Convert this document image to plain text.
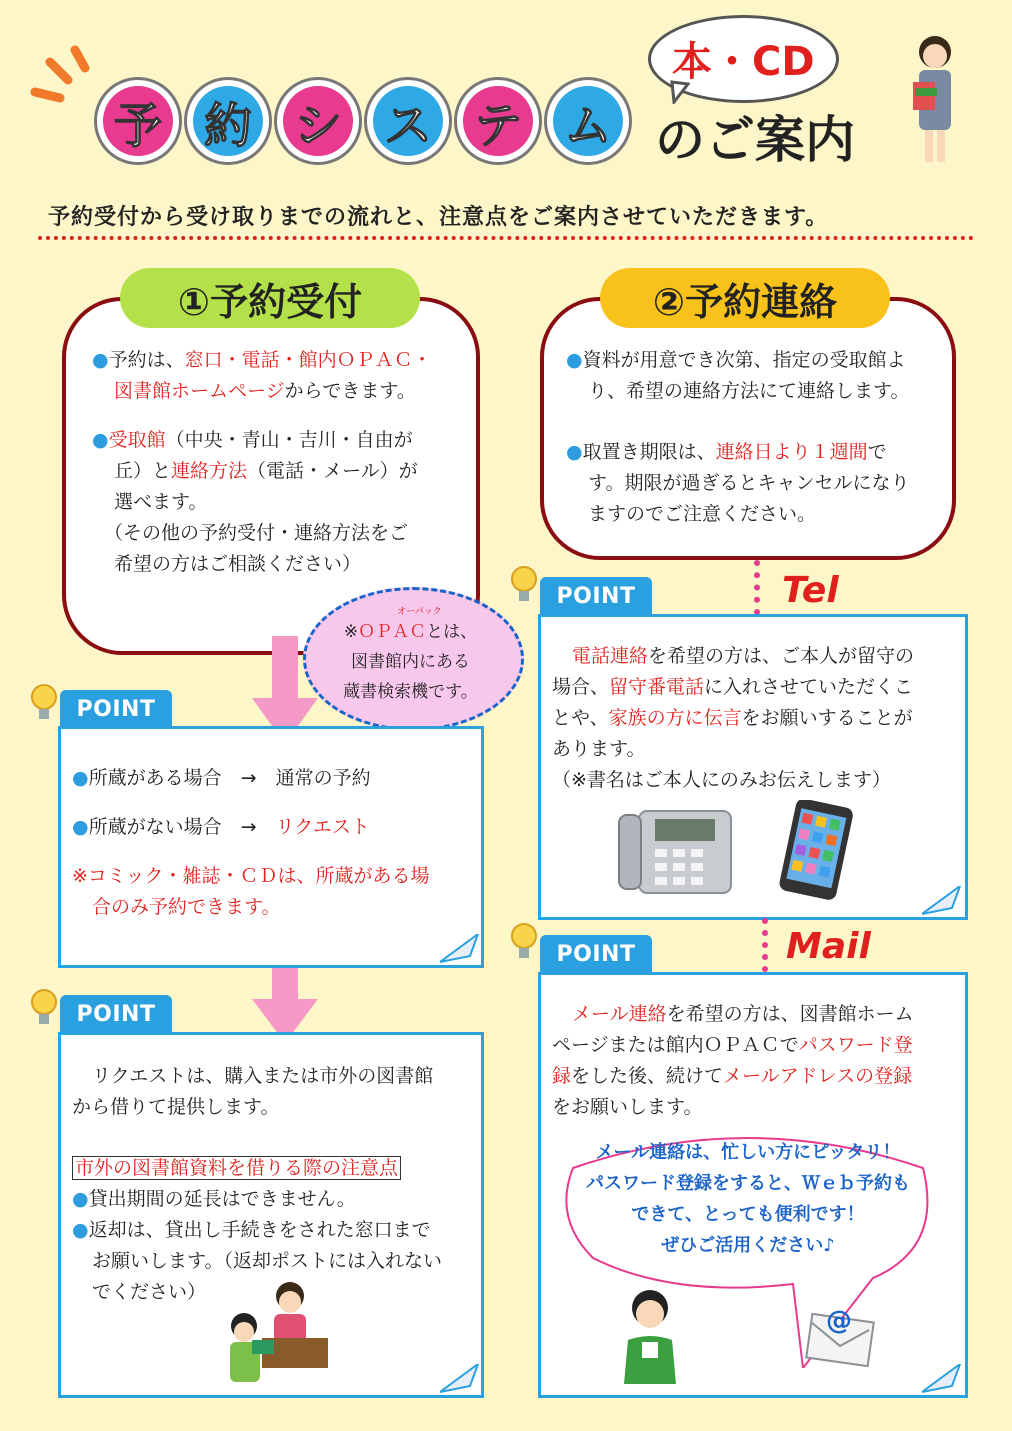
予 約 シ ス テ ム のご案内
本・CD
予約受付から受け取りまでの流れと、注意点をご案内させていただきます。
①予約受付
●予約は、窓口・電話・館内ＯＰＡＣ・
図書館ホームページからできます。
●受取館（中央・青山・吉川・自由が
丘）と連絡方法（電話・メール）が
選べます。
（その他の予約受付・連絡方法をご
希望の方はご相談ください）
②予約連絡
●資料が用意でき次第、指定の受取館よ
り、希望の連絡方法にて連絡します。
●取置き期限は、連絡日より１週間で
す。期限が過ぎるとキャンセルになり
ますのでご注意ください。
オーパック
※ＯＰＡＣとは、
図書館内にある
蔵書検索機です。
POINT
●所蔵がある場合 → 通常の予約
●所蔵がない場合 → リクエスト
※コミック・雑誌・ＣＤは、所蔵がある場
合のみ予約できます。
POINT
リクエストは、購入または市外の図書館
から借りて提供します。
市外の図書館資料を借りる際の注意点
●貸出期間の延長はできません。
●返却は、貸出し手続きをされた窓口まで
お願いします。（返却ポストには入れない
でください）
Tel
POINT
電話連絡を希望の方は、ご本人が留守の
場合、留守番電話に入れさせていただくこ
とや、家族の方に伝言をお願いすることが
あります。
（※書名はご本人にのみお伝えします）
Mail
POINT
メール連絡を希望の方は、図書館ホーム
ページまたは館内ＯＰＡＣでパスワード登
録をした後、続けてメールアドレスの登録
をお願いします。
メール連絡は、忙しい方にピッタリ！
パスワード登録をすると、Ｗｅｂ予約も
できて、とっても便利です！
ぜひご活用ください♪
@
